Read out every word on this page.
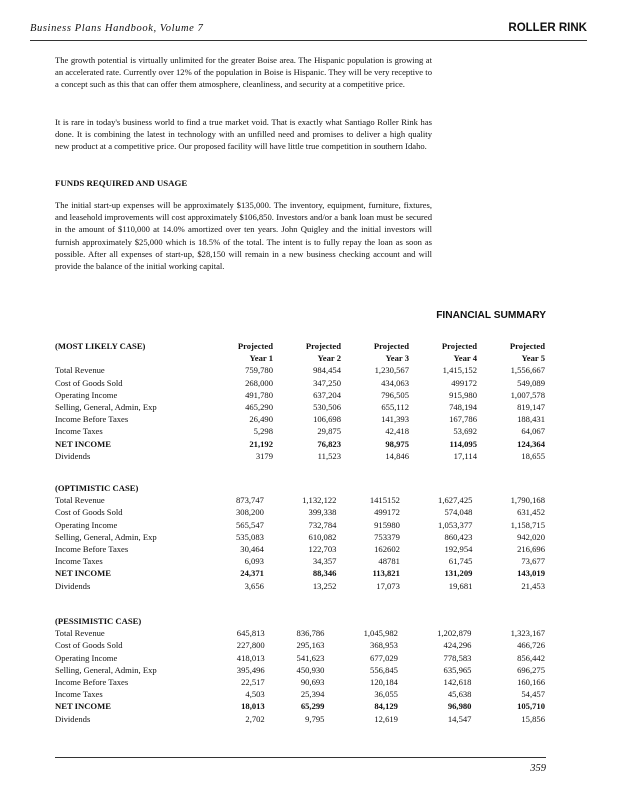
Business Plans Handbook, Volume 7	ROLLER RINK
The growth potential is virtually unlimited for the greater Boise area. The Hispanic population is growing at an accelerated rate. Currently over 12% of the population in Boise is Hispanic. They will be very receptive to a concept such as this that can offer them atmosphere, cleanliness, and security at a competitive price.
It is rare in today's business world to find a true market void. That is exactly what Santiago Roller Rink has done. It is combining the latest in technology with an unfilled need and promises to deliver a high quality new product at a competitive price. Our proposed facility will have little true competition in southern Idaho.
FUNDS REQUIRED AND USAGE
The initial start-up expenses will be approximately $135,000. The inventory, equipment, furniture, fixtures, and leasehold improvements will cost approximately $106,850. Investors and/or a bank loan must be secured in the amount of $110,000 at 14.0% amortized over ten years. John Quigley and the initial investors will furnish approximately $25,000 which is 18.5% of the total. The intent is to fully repay the loan as soon as possible. After all expenses of start-up, $28,150 will remain in a new business checking account and will provide the balance of the initial working capital.
FINANCIAL SUMMARY
(MOST LIKELY CASE)	Projected	Projected	Projected	Projected	Projected
	Year 1	Year 2	Year 3	Year 4	Year 5
Total Revenue	759,780	984,454	1,230,567	1,415,152	1,556,667
Cost of Goods Sold	268,000	347,250	434,063	499172	549,089
Operating Income	491,780	637,204	796,505	915,980	1,007,578
Selling, General, Admin, Exp	465,290	530,506	655,112	748,194	819,147
Income Before Taxes	26,490	106,698	141,393	167,786	188,431
Income Taxes	5,298	29,875	42,418	53,692	64,067
NET INCOME	21,192	76,823	98,975	114,095	124,364
Dividends	3179	11,523	14,846	17,114	18,655
(OPTIMISTIC CASE)					
Total Revenue	873,747	1,132,122	1415152	1,627,425	1,790,168
Cost of Goods Sold	308,200	399,338	499172	574,048	631,452
Operating Income	565,547	732,784	915980	1,053,377	1,158,715
Selling, General, Admin, Exp	535,083	610,082	753379	860,423	942,020
Income Before Taxes	30,464	122,703	162602	192,954	216,696
Income Taxes	6,093	34,357	48781	61,745	73,677
NET INCOME	24,371	88,346	113,821	131,209	143,019
Dividends	3,656	13,252	17,073	19,681	21,453
(PESSIMISTIC CASE)					
Total Revenue	645,813	836,786	1,045,982	1,202,879	1,323,167
Cost of Goods Sold	227,800	295,163	368,953	424,296	466,726
Operating Income	418,013	541,623	677,029	778,583	856,442
Selling, General, Admin, Exp	395,496	450,930	556,845	635,965	696,275
Income Before Taxes	22,517	90,693	120,184	142,618	160,166
Income Taxes	4,503	25,394	36,055	45,638	54,457
NET INCOME	18,013	65,299	84,129	96,980	105,710
Dividends	2,702	9,795	12,619	14,547	15,856
359
